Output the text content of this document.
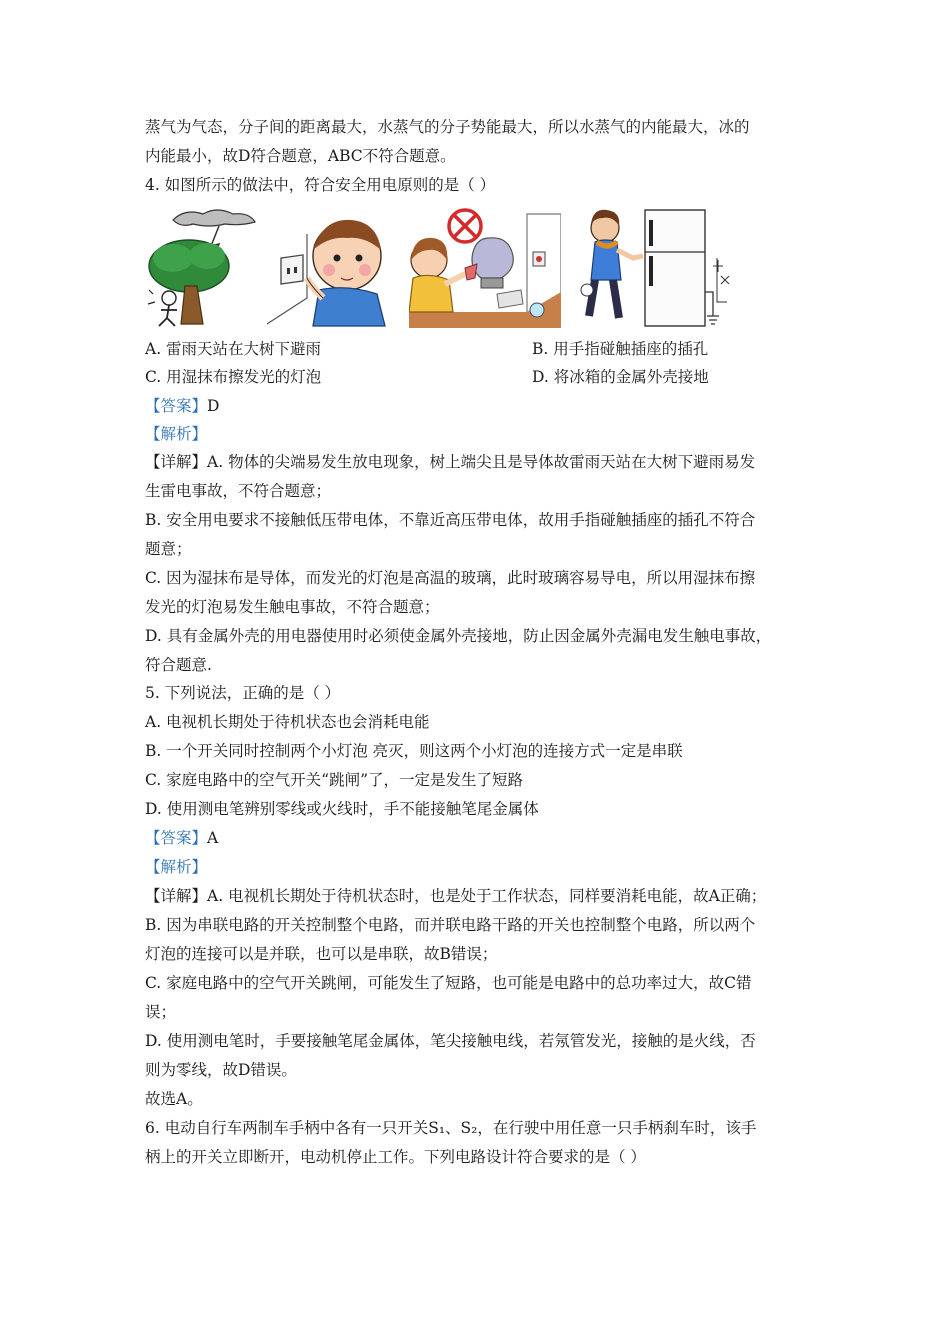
蒸气为气态，分子间的距离最大，水蒸气的分子势能最大，所以水蒸气的内能最大，冰的
内能最小，故D符合题意，ABC不符合题意。
4. 如图所示的做法中，符合安全用电原则的是（ ）
A. 雷雨天站在大树下避雨	B. 用手指碰触插座的插孔
C. 用湿抹布擦发光的灯泡	D. 将冰箱的金属外壳接地
【答案】D
【解析】
【详解】A. 物体的尖端易发生放电现象，树上端尖且是导体故雷雨天站在大树下避雨易发
生雷电事故，不符合题意；
B. 安全用电要求不接触低压带电体，不靠近高压带电体，故用手指碰触插座的插孔不符合
题意；
C. 因为湿抹布是导体，而发光的灯泡是高温的玻璃，此时玻璃容易导电，所以用湿抹布擦
发光的灯泡易发生触电事故，不符合题意；
D. 具有金属外壳的用电器使用时必须使金属外壳接地，防止因金属外壳漏电发生触电事故，
符合题意.
5. 下列说法，正确的是（ ）
A. 电视机长期处于待机状态也会消耗电能
B. 一个开关同时控制两个小灯泡 亮灭，则这两个小灯泡的连接方式一定是串联
C. 家庭电路中的空气开关“跳闸”了，一定是发生了短路
D. 使用测电笔辨别零线或火线时，手不能接触笔尾金属体
【答案】A
【解析】
【详解】A. 电视机长期处于待机状态时，也是处于工作状态，同样要消耗电能，故A正确；
B. 因为串联电路的开关控制整个电路，而并联电路干路的开关也控制整个电路，所以两个
灯泡的连接可以是并联，也可以是串联，故B错误；
C. 家庭电路中的空气开关跳闸，可能发生了短路，也可能是电路中的总功率过大，故C错
误；
D. 使用测电笔时，手要接触笔尾金属体，笔尖接触电线，若氖管发光，接触的是火线，否
则为零线，故D错误。
故选A。
6. 电动自行车两制车手柄中各有一只开关S₁、S₂，在行驶中用任意一只手柄刹车时，该手
柄上的开关立即断开，电动机停止工作。下列电路设计符合要求的是（ ）
